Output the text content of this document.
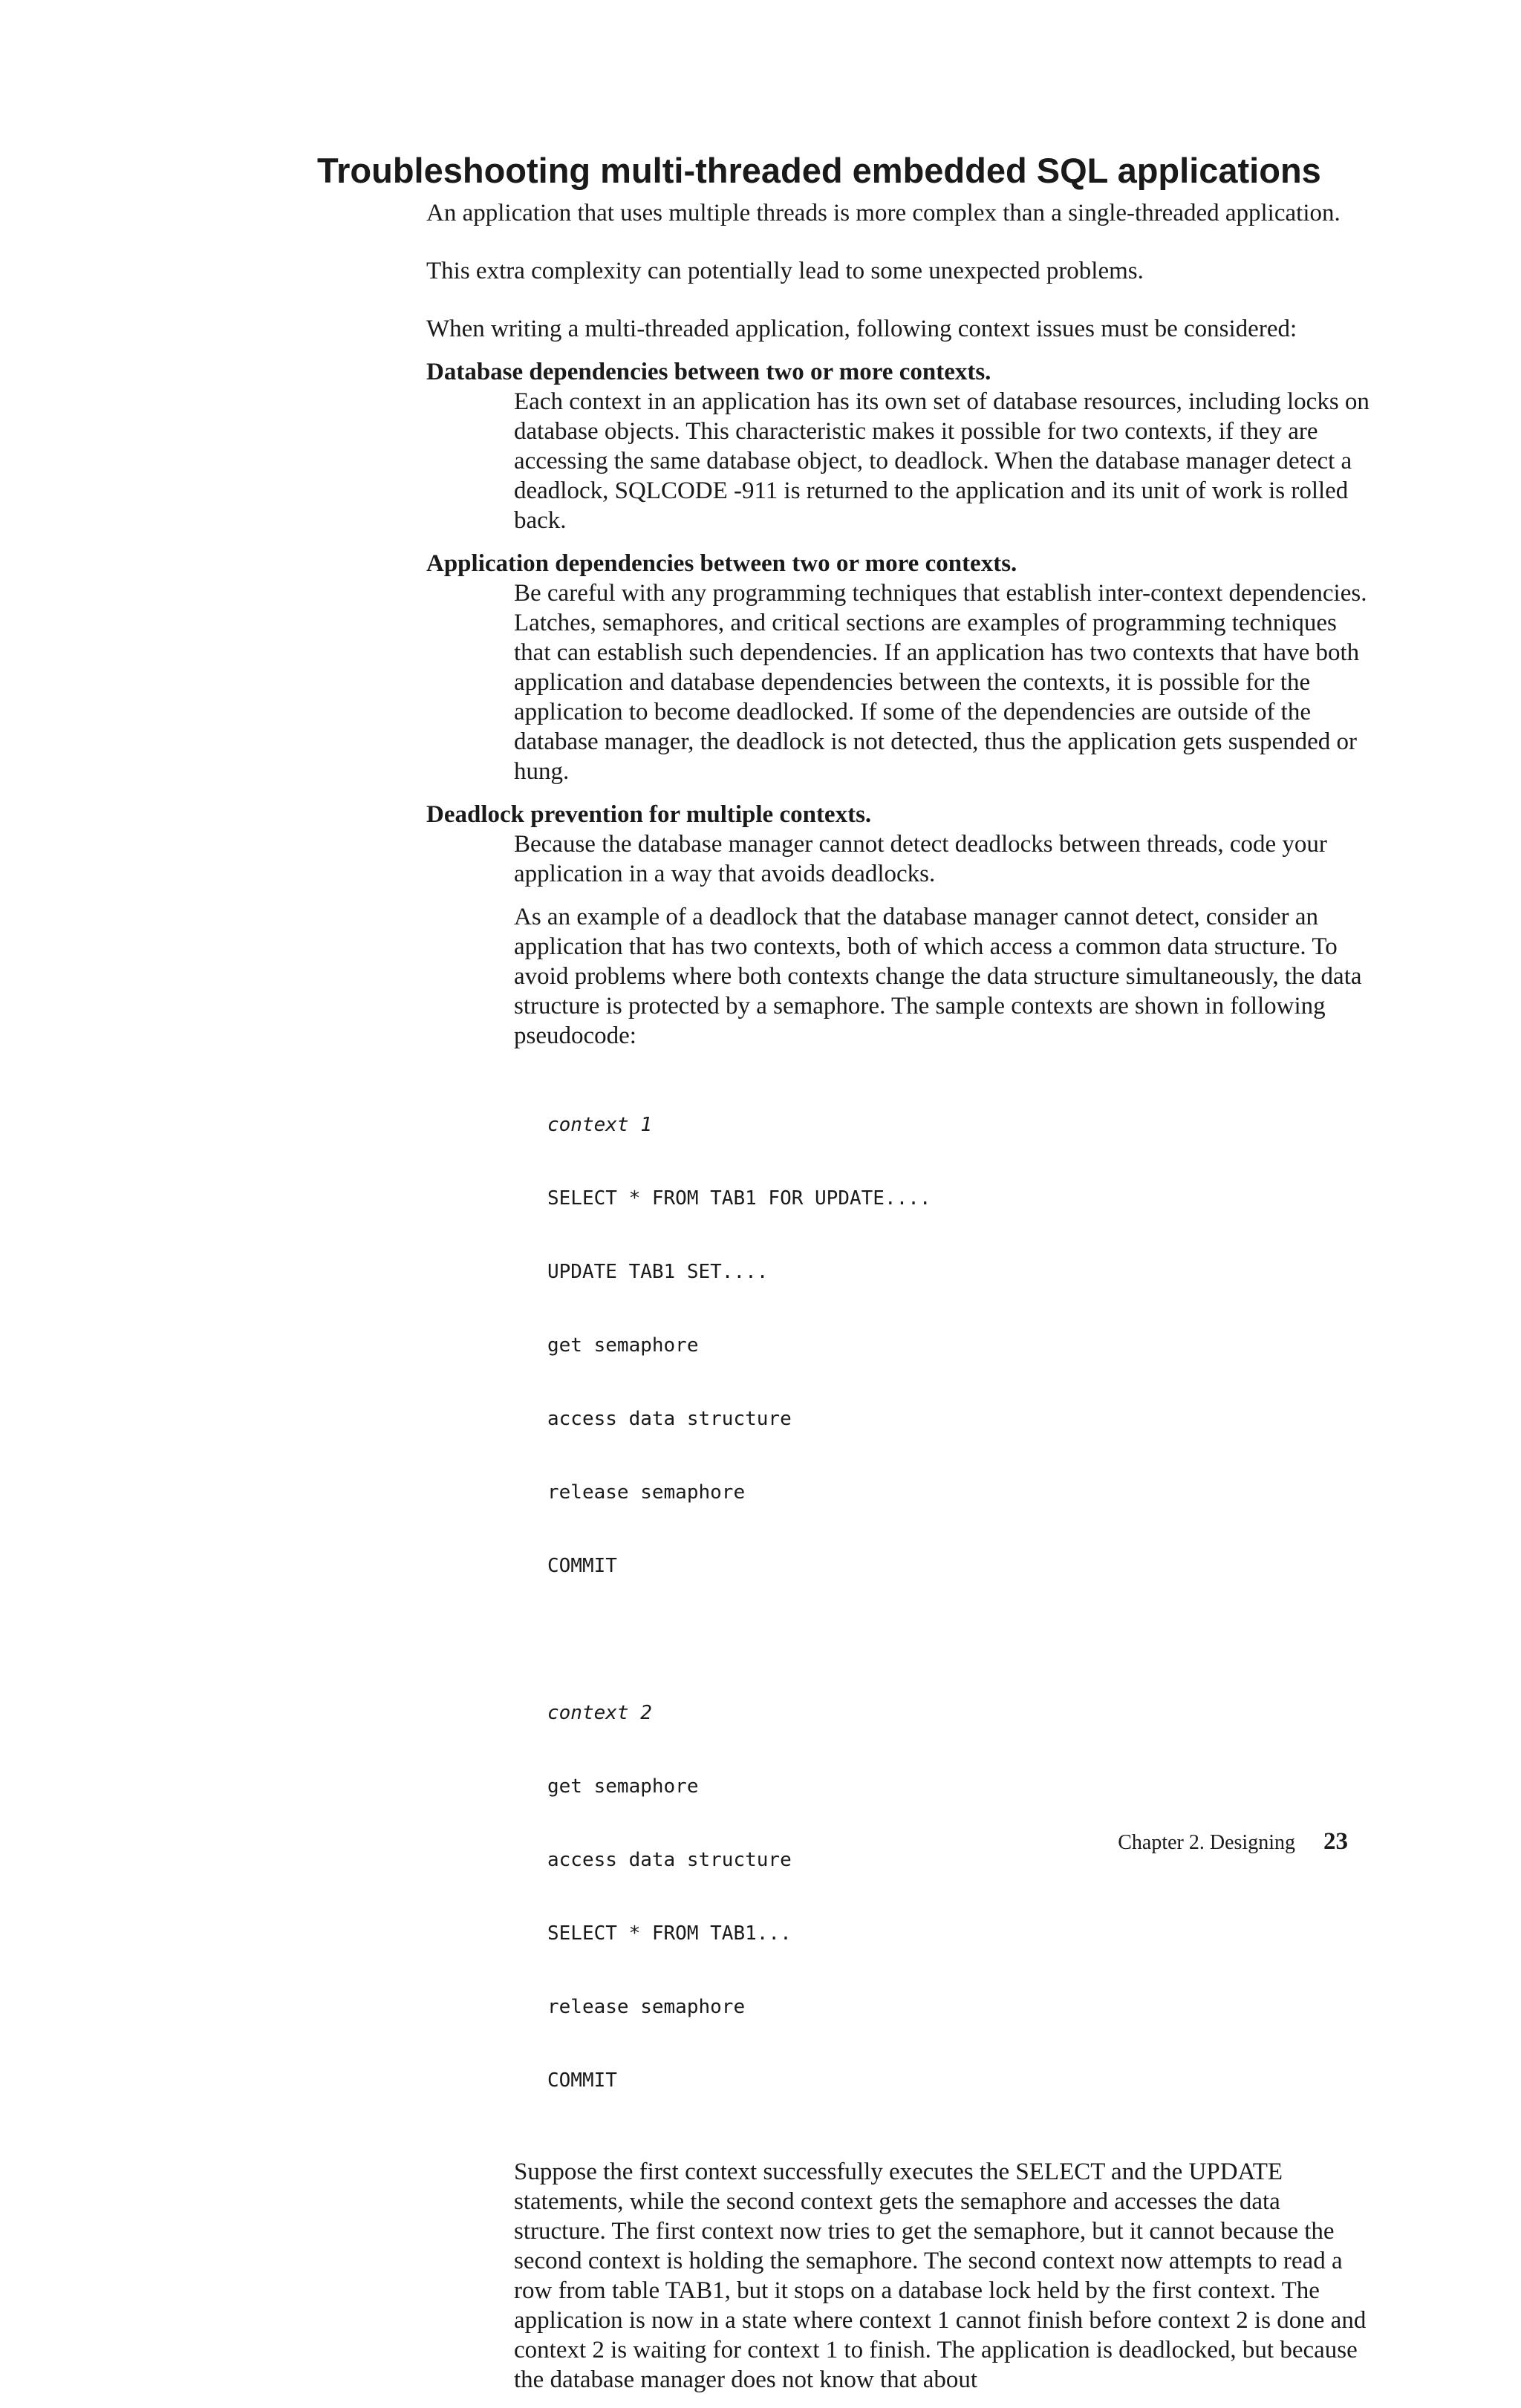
Troubleshooting multi-threaded embedded SQL applications

An application that uses multiple threads is more complex than a single-threaded application.

This extra complexity can potentially lead to some unexpected problems.

When writing a multi-threaded application, following context issues must be considered:

Database dependencies between two or more contexts.

Each context in an application has its own set of database resources, including locks on database objects. This characteristic makes it possible for two contexts, if they are accessing the same database object, to deadlock. When the database manager detect a deadlock, SQLCODE -911 is returned to the application and its unit of work is rolled back.

Application dependencies between two or more contexts.

Be careful with any programming techniques that establish inter-context dependencies. Latches, semaphores, and critical sections are examples of programming techniques that can establish such dependencies. If an application has two contexts that have both application and database dependencies between the contexts, it is possible for the application to become deadlocked. If some of the dependencies are outside of the database manager, the deadlock is not detected, thus the application gets suspended or hung.

Deadlock prevention for multiple contexts.

Because the database manager cannot detect deadlocks between threads, code your application in a way that avoids deadlocks.

As an example of a deadlock that the database manager cannot detect, consider an application that has two contexts, both of which access a common data structure. To avoid problems where both contexts change the data structure simultaneously, the data structure is protected by a semaphore. The sample contexts are shown in following pseudocode:

context 1

SELECT * FROM TAB1 FOR UPDATE....

UPDATE TAB1 SET....

get semaphore

access data structure

release semaphore

COMMIT

context 2

get semaphore

access data structure

SELECT * FROM TAB1...

release semaphore

COMMIT

Suppose the first context successfully executes the SELECT and the UPDATE statements, while the second context gets the semaphore and accesses the data structure. The first context now tries to get the semaphore, but it cannot because the second context is holding the semaphore. The second context now attempts to read a row from table TAB1, but it stops on a database lock held by the first context. The application is now in a state where context 1 cannot finish before context 2 is done and context 2 is waiting for context 1 to finish. The application is deadlocked, but because the database manager does not know that about

Chapter 2. Designing 23
